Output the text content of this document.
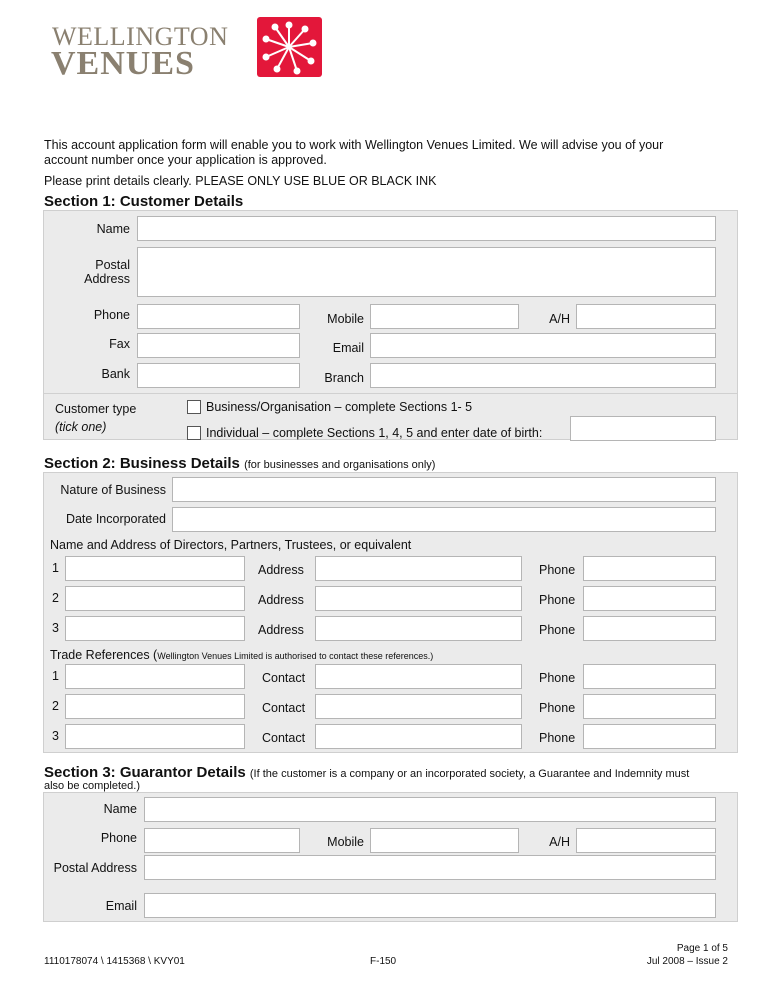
WELLINGTON
VENUES
This account application form will enable you to work with Wellington Venues Limited. We will advise you of your
account number once your application is approved.
Please print details clearly. PLEASE ONLY USE BLUE OR BLACK INK
Section 1: Customer Details
Name
Postal
Address
Phone	Mobile	A/H
Fax	Email
Bank	Branch
Customer type
(tick one)
Business/Organisation – complete Sections 1- 5
Individual – complete Sections 1, 4, 5 and enter date of birth:
Section 2: Business Details (for businesses and organisations only)
Nature of Business
Date Incorporated
Name and Address of Directors, Partners, Trustees, or equivalent
1	Address	Phone
2	Address	Phone
3	Address	Phone
Trade References (Wellington Venues Limited is authorised to contact these references.)
1	Contact	Phone
2	Contact	Phone
3	Contact	Phone
Section 3: Guarantor Details (If the customer is a company or an incorporated society, a Guarantee and Indemnity must
also be completed.)
Name
Phone	Mobile	A/H
Postal Address
Email
1110178074 \ 1415368 \ KVY01	F-150
Page 1 of 5
Jul 2008 – Issue 2
